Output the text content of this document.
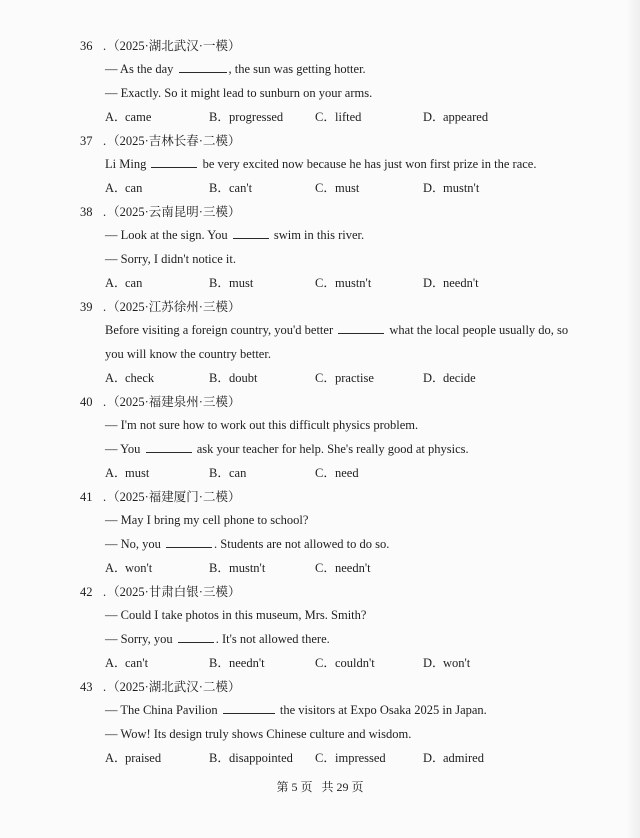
36 .（2025·湖北武汉·一模）
— As the day	, the sun was getting hotter.
— Exactly. So it might lead to sunburn on your arms.
A．came	B．progressed	C．lifted	D．appeared
37 .（2025·吉林长春·二模）
Li Ming	be very excited now because he has just won first prize in the race.
A．can	B．can't	C．must	D．mustn't
38 .（2025·云南昆明·三模）
— Look at the sign. You	swim in this river.
— Sorry, I didn't notice it.
A．can	B．must	C．mustn't	D．needn't
39 .（2025·江苏徐州·三模）
Before visiting a foreign country, you'd better	what the local people usually do, so
you will know the country better.
A．check	B．doubt	C．practise	D．decide
40 .（2025·福建泉州·三模）
— I'm not sure how to work out this difficult physics problem.
— You	ask your teacher for help. She's really good at physics.
A．must	B．can	C．need
41 .（2025·福建厦门·二模）
— May I bring my cell phone to school?
— No, you	. Students are not allowed to do so.
A．won't	B．mustn't	C．needn't
42 .（2025·甘肃白银·三模）
— Could I take photos in this museum, Mrs. Smith?
— Sorry, you	. It's not allowed there.
A．can't	B．needn't	C．couldn't	D．won't
43 .（2025·湖北武汉·二模）
— The China Pavilion	the visitors at Expo Osaka 2025 in Japan.
— Wow! Its design truly shows Chinese culture and wisdom.
A．praised	B．disappointed C．impressed	D．admired
第 5 页 共 29 页
